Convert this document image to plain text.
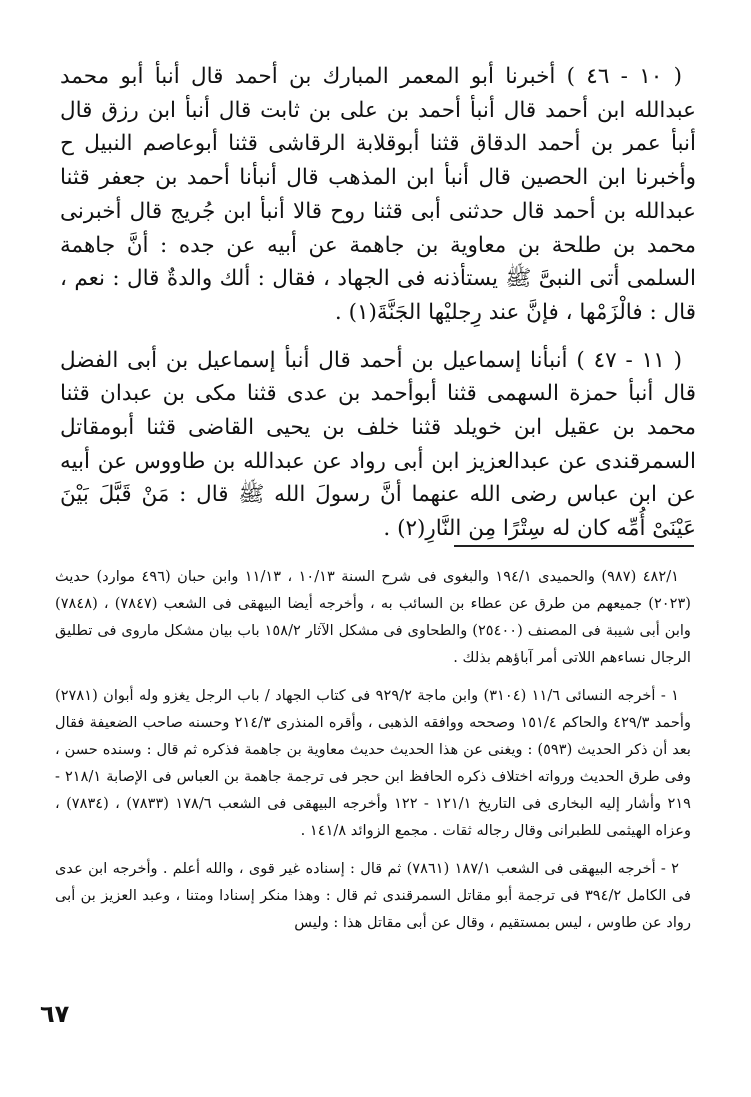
( ١٠ - ٤٦ ) أخبرنا أبو المعمر المبارك بن أحمد قال أنبأ أبو محمد عبدالله ابن أحمد قال أنبأ أحمد بن على بن ثابت قال أنبأ ابن رزق قال أنبأ عمر بن أحمد الدقاق قثنا أبوقلابة الرقاشى قثنا أبوعاصم النبيل ح وأخبرنا ابن الحصين قال أنبأ ابن المذهب قال أنبأنا أحمد بن جعفر قثنا عبدالله بن أحمد قال حدثنى أبى قثنا روح قالا أنبأ ابن جُريج قال أخبرنى محمد بن طلحة بن معاوية بن جاهمة عن أبيه عن جده : أنَّ جاهمة السلمى أتى النبىَّ ﷺ يستأذنه فى الجهاد ، فقال : ألك والدةٌ قال : نعم ، قال : فالْزَمْها ، فإنَّ عند رِجليْها الجَنَّةَ(١) .

( ١١ - ٤٧ ) أنبأنا إسماعيل بن أحمد قال أنبأ إسماعيل بن أبى الفضل قال أنبأ حمزة السهمى قثنا أبوأحمد بن عدى قثنا مكى بن عبدان قثنا محمد بن عقيل ابن خويلد قثنا خلف بن يحيى القاضى قثنا أبومقاتل السمرقندى عن عبدالعزيز ابن أبى رواد عن عبدالله بن طاووس عن أبيه عن ابن عباس رضى الله عنهما أنَّ رسولَ الله ﷺ قال : مَنْ قَبَّلَ بَيْنَ عَيْنَىْ أُمِّه كان له سِتْرًا مِن النَّارِ(٢) .

٤٨٢/١ (٩٨٧) والحميدى ١٩٤/١ والبغوى فى شرح السنة ١٠/١٣ ، ١١/١٣ وابن حبان (٤٩٦ موارد) حديث (٢٠٢٣) جميعهم من طرق عن عطاء بن السائب به ، وأخرجه أيضا البيهقى فى الشعب (٧٨٤٧) ، (٧٨٤٨) وابن أبى شيبة فى المصنف (٢٥٤٠٠) والطحاوى فى مشكل الآثار ١٥٨/٢ باب بيان مشكل ماروى فى تطليق الرجال نساءهم اللاتى أمر آباؤهم بذلك .

١ - أخرجه النسائى ١١/٦ (٣١٠٤) وابن ماجة ٩٢٩/٢ فى كتاب الجهاد / باب الرجل يغزو وله أبوان (٢٧٨١) وأحمد ٤٢٩/٣ والحاكم ١٥١/٤ وصححه ووافقه الذهبى ، وأقره المنذرى ٢١٤/٣ وحسنه صاحب الضعيفة فقال بعد أن ذكر الحديث (٥٩٣) : ويغنى عن هذا الحديث حديث معاوية بن جاهمة فذكره ثم قال : وسنده حسن ، وفى طرق الحديث ورواته اختلاف ذكره الحافظ ابن حجر فى ترجمة جاهمة بن العباس فى الإصابة ٢١٨/١ - ٢١٩ وأشار إليه البخارى فى التاريخ ١٢١/١ - ١٢٢ وأخرجه البيهقى فى الشعب ١٧٨/٦ (٧٨٣٣) ، (٧٨٣٤) ، وعزاه الهيثمى للطبرانى وقال رجاله ثقات . مجمع الزوائد ١٤١/٨ .

٢ - أخرجه البيهقى فى الشعب ١٨٧/١ (٧٨٦١) ثم قال : إسناده غير قوى ، والله أعلم . وأخرجه ابن عدى فى الكامل ٣٩٤/٢ فى ترجمة أبو مقاتل السمرقندى ثم قال : وهذا منكر إسنادا ومتنا ، وعبد العزيز بن أبى رواد عن طاوس ، ليس بمستقيم ، وقال عن أبى مقاتل هذا : وليس

٦٧
